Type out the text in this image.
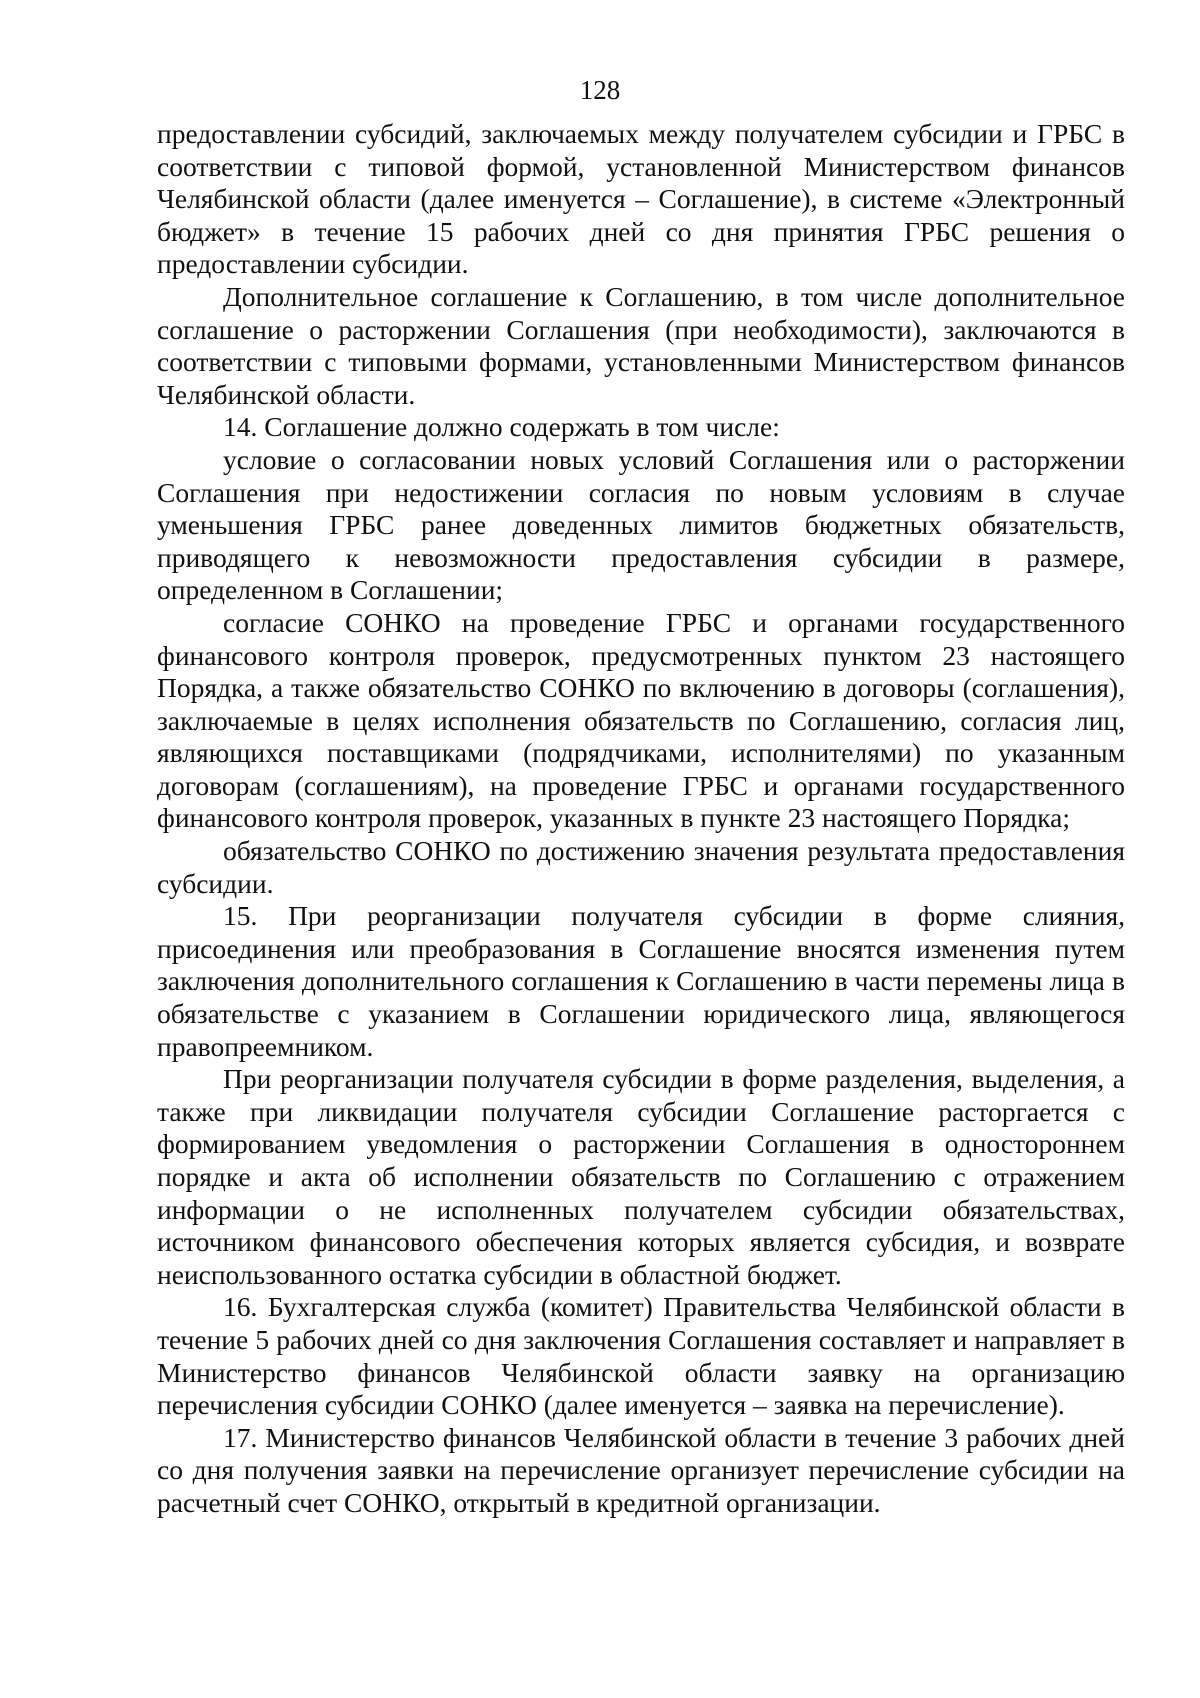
128

предоставлении субсидий, заключаемых между получателем субсидии и ГРБС в соответствии с типовой формой, установленной Министерством финансов Челябинской области (далее именуется – Соглашение), в системе «Электронный бюджет» в течение 15 рабочих дней со дня принятия ГРБС решения о предоставлении субсидии.

Дополнительное соглашение к Соглашению, в том числе дополнительное соглашение о расторжении Соглашения (при необходимости), заключаются в соответствии с типовыми формами, установленными Министерством финансов Челябинской области.

14. Соглашение должно содержать в том числе:

условие о согласовании новых условий Соглашения или о расторжении Соглашения при недостижении согласия по новым условиям в случае уменьшения ГРБС ранее доведенных лимитов бюджетных обязательств, приводящего к невозможности предоставления субсидии в размере, определенном в Соглашении;

согласие СОНКО на проведение ГРБС и органами государственного финансового контроля проверок, предусмотренных пунктом 23 настоящего Порядка, а также обязательство СОНКО по включению в договоры (соглашения), заключаемые в целях исполнения обязательств по Соглашению, согласия лиц, являющихся поставщиками (подрядчиками, исполнителями) по указанным договорам (соглашениям), на проведение ГРБС и органами государственного финансового контроля проверок, указанных в пункте 23 настоящего Порядка;

обязательство СОНКО по достижению значения результата предоставления субсидии.

15. При реорганизации получателя субсидии в форме слияния, присоединения или преобразования в Соглашение вносятся изменения путем заключения дополнительного соглашения к Соглашению в части перемены лица в обязательстве с указанием в Соглашении юридического лица, являющегося правопреемником.

При реорганизации получателя субсидии в форме разделения, выделения, а также при ликвидации получателя субсидии Соглашение расторгается с формированием уведомления о расторжении Соглашения в одностороннем порядке и акта об исполнении обязательств по Соглашению с отражением информации о не исполненных получателем субсидии обязательствах, источником финансового обеспечения которых является субсидия, и возврате неиспользованного остатка субсидии в областной бюджет.

16. Бухгалтерская служба (комитет) Правительства Челябинской области в течение 5 рабочих дней со дня заключения Соглашения составляет и направляет в Министерство финансов Челябинской области заявку на организацию перечисления субсидии СОНКО (далее именуется – заявка на перечисление).

17. Министерство финансов Челябинской области в течение 3 рабочих дней со дня получения заявки на перечисление организует перечисление субсидии на расчетный счет СОНКО, открытый в кредитной организации.
